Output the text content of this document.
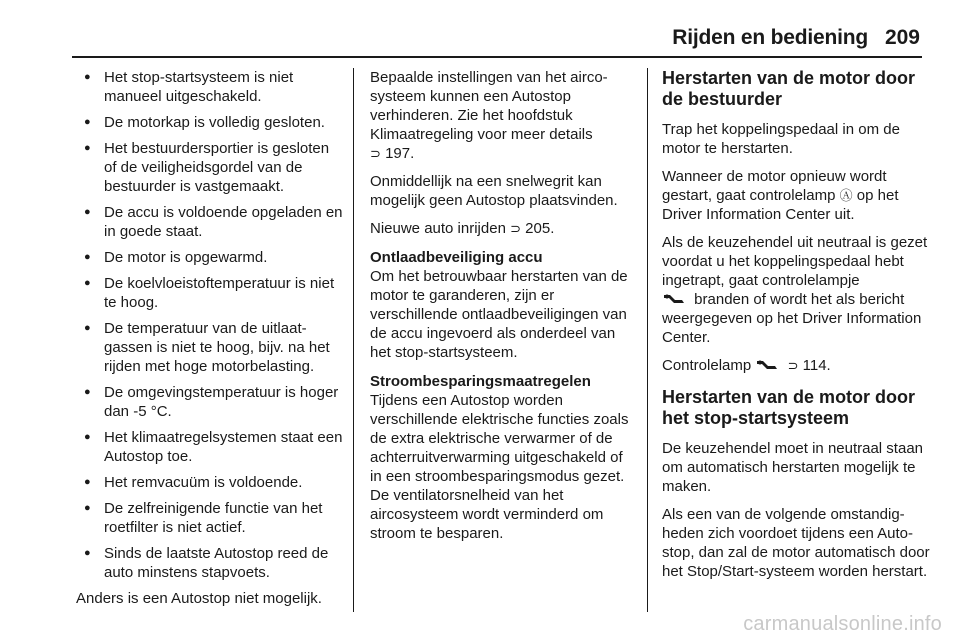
Rijden en bediening 209
● Het stop-startsysteem is niet manueel uitgeschakeld.
● De motorkap is volledig gesloten.
● Het bestuurdersportier is gesloten of de veiligheidsgordel van de bestuurder is vastgemaakt.
● De accu is voldoende opgeladen en in goede staat.
● De motor is opgewarmd.
● De koelvloeistoftemperatuur is niet te hoog.
● De temperatuur van de uitlaatgassen is niet te hoog, bijv. na het rijden met hoge motorbelasting.
● De omgevingstemperatuur is hoger dan -5 °C.
● Het klimaatregelsystemen staat een Autostop toe.
● Het remvacuüm is voldoende.
● De zelfreinigende functie van het roetfilter is niet actief.
● Sinds de laatste Autostop reed de auto minstens stapvoets.

Anders is een Autostop niet mogelijk.

Bepaalde instellingen van het aircosysteem kunnen een Autostop verhinderen. Zie het hoofdstuk Klimaatregeling voor meer details
⊃ 197.

Onmiddellijk na een snelwegrit kan mogelijk geen Autostop plaatsvinden.

Nieuwe auto inrijden ⊃ 205.

Ontlaadbeveiliging accu

Om het betrouwbaar herstarten van de motor te garanderen, zijn er verschillende ontlaadbeveiligingen van de accu ingevoerd als onderdeel van het stop-startsysteem.

Stroombesparingsmaatregelen

Tijdens een Autostop worden verschillende elektrische functies zoals de extra elektrische verwarmer of de achterruitverwarming uitgeschakeld of in een stroombesparingsmodus gezet. De ventilatorsnelheid van het aircosysteem wordt verminderd om stroom te besparen.

Herstarten van de motor door de bestuurder

Trap het koppelingspedaal in om de motor te herstarten.

Wanneer de motor opnieuw wordt gestart, gaat controlelamp Ⓐ op het Driver Information Center uit.

Als de keuzehendel uit neutraal is gezet voordat u het koppelingspedaal hebt ingetrapt, gaat controlelampje
branden of wordt het als bericht weergegeven op het Driver Information Center.

Controlelamp	⊃ 114.

Herstarten van de motor door het stop-startsysteem

De keuzehendel moet in neutraal staan om automatisch herstarten mogelijk te maken.

Als een van de volgende omstandigheden zich voordoet tijdens een Autostop, dan zal de motor automatisch door het Stop/Start-systeem worden herstart.

carmanualsonline.info
